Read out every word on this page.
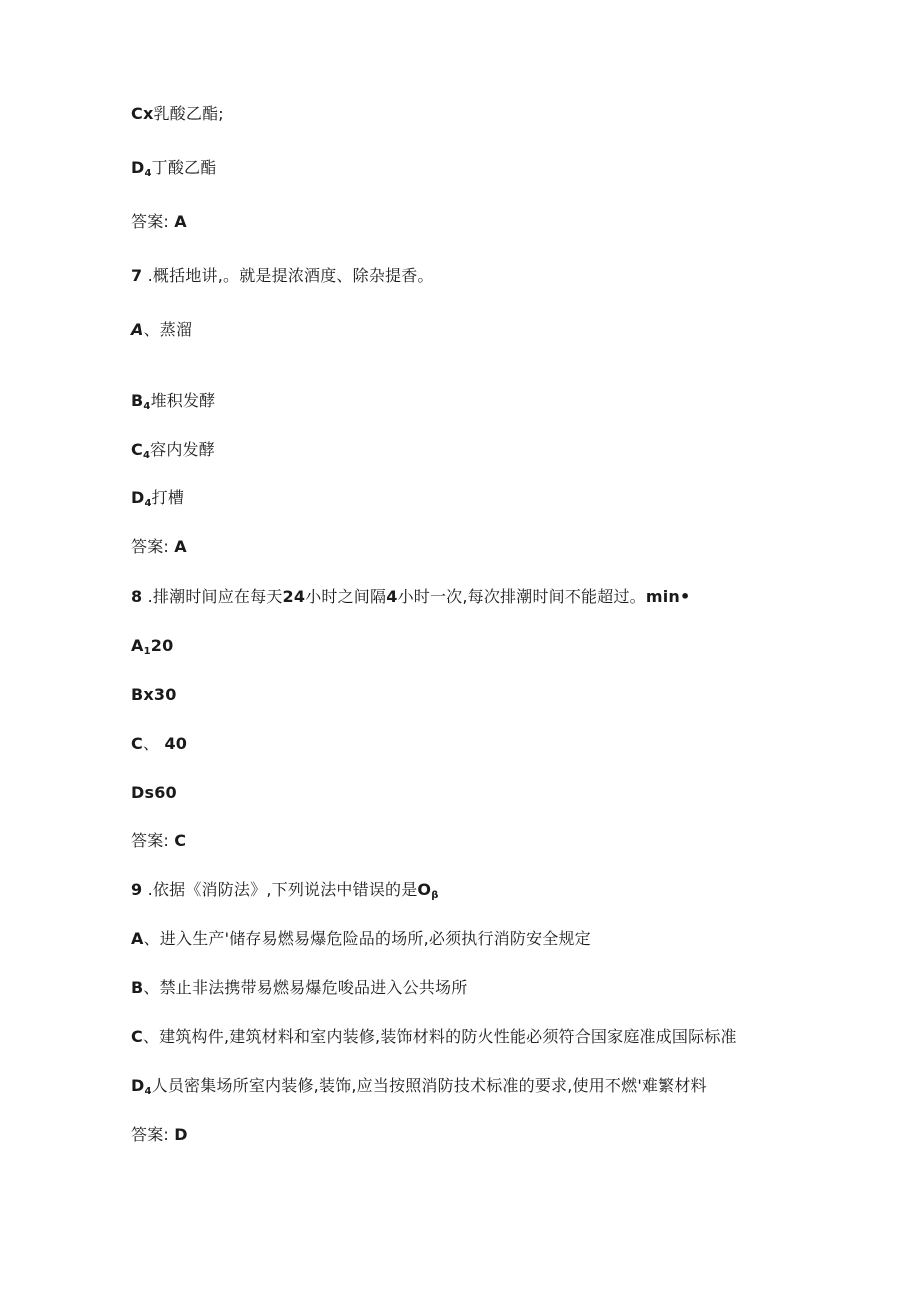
Cx乳酸乙酯;
$D_4$丁酸乙酯
答案: A
7 .概括地讲,。就是提浓酒度、除杂提香。
A、蒸溜
$B_4$堆积发酵
$C_4$容内发酵
$D_4$打槽
答案: A
8 .排潮时间应在每天24小时之间隔4小时一次,每次排潮时间不能超过。min•
$A_120$
Bx30
C、 40
Ds60
答案: C
9 .依据《消防法》,下列说法中错误的是$O_\beta$
A、进入生产'储存易燃易爆危险品的场所,必须执行消防安全规定
B、禁止非法携带易燃易爆危唆品进入公共场所
C、建筑构件,建筑材料和室内装修,装饰材料的防火性能必须符合国家庭准成国际标准
$D_4$人员密集场所室内装修,装饰,应当按照消防技术标准的要求,使用不燃'难繁材料
答案: D
